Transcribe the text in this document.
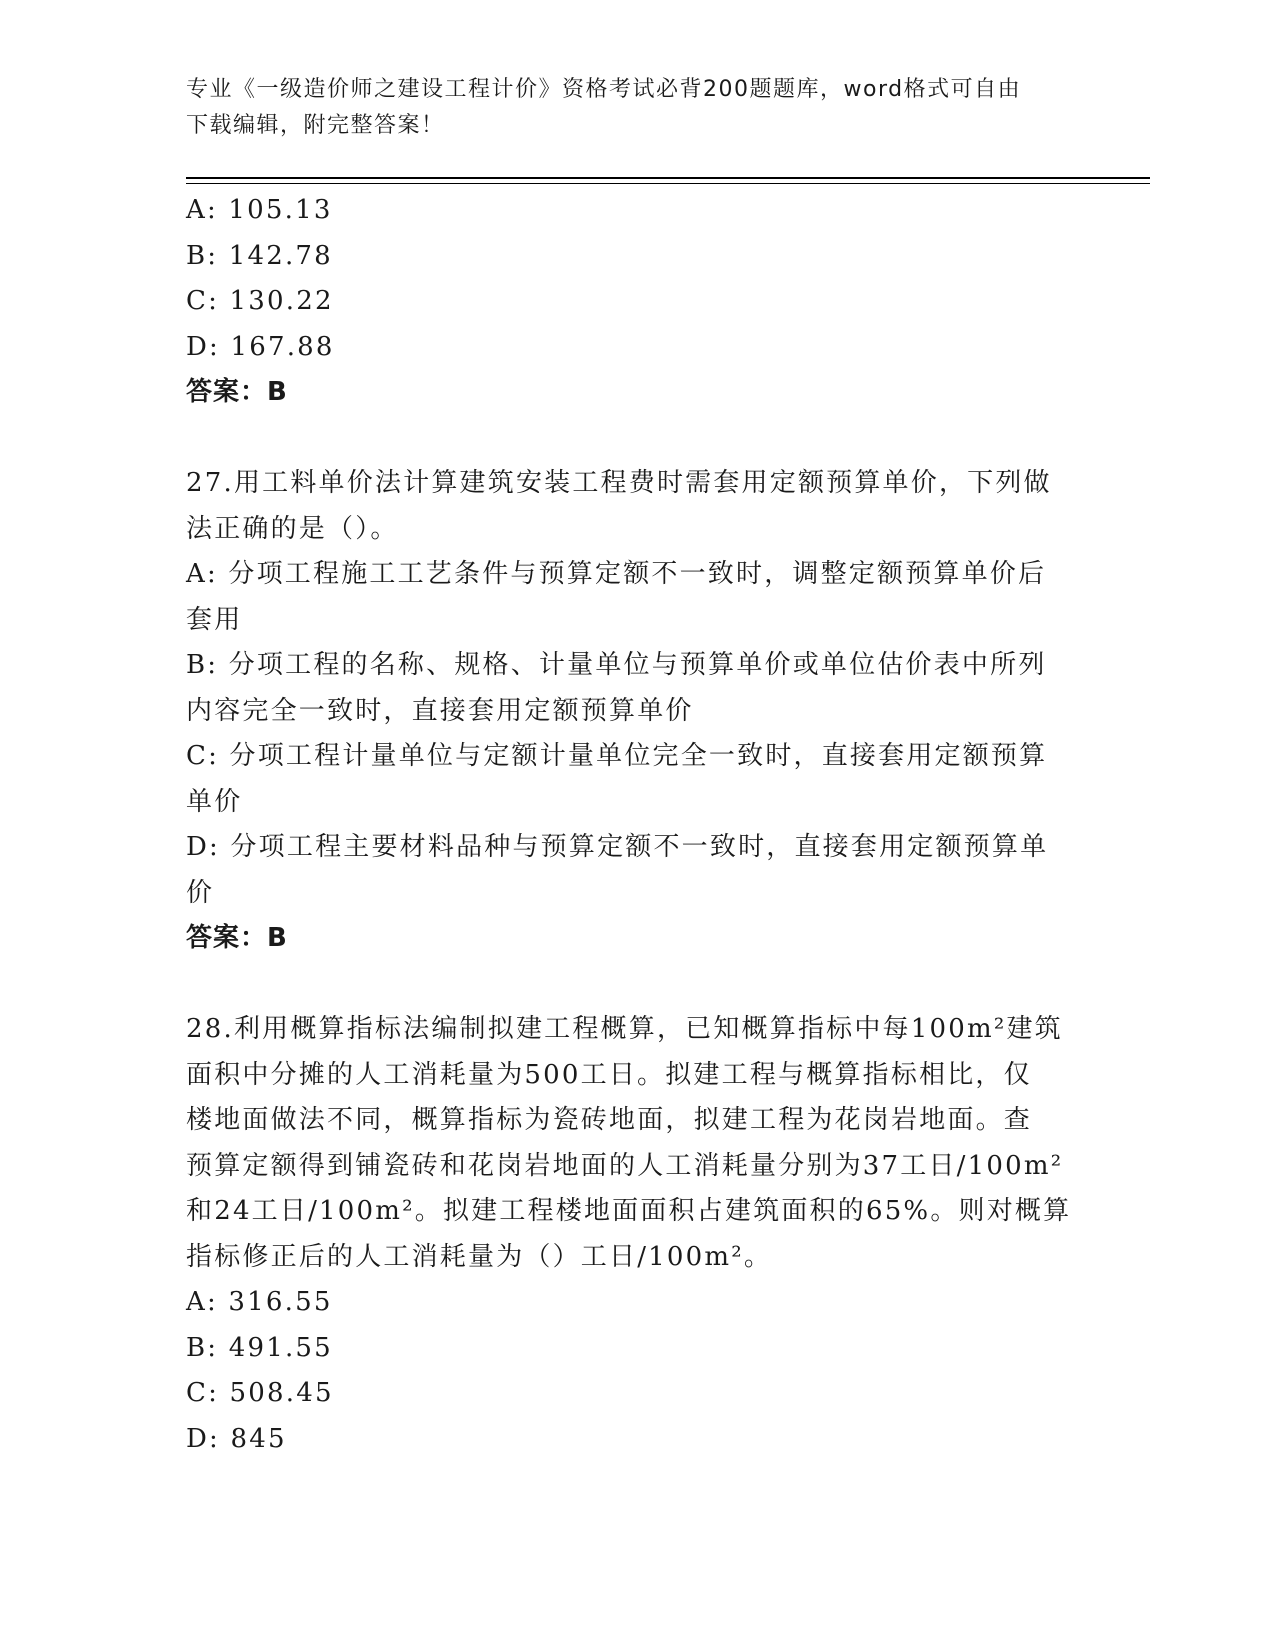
专业《一级造价师之建设工程计价》资格考试必背200题题库，word格式可自由
下载编辑，附完整答案！
A: 105.13
B: 142.78
C: 130.22
D: 167.88
答案：B
27.用工料单价法计算建筑安装工程费时需套用定额预算单价，下列做
法正确的是（）。
A: 分项工程施工工艺条件与预算定额不一致时，调整定额预算单价后
套用
B: 分项工程的名称、规格、计量单位与预算单价或单位估价表中所列
内容完全一致时，直接套用定额预算单价
C: 分项工程计量单位与定额计量单位完全一致时，直接套用定额预算
单价
D: 分项工程主要材料品种与预算定额不一致时，直接套用定额预算单
价
答案：B
28.利用概算指标法编制拟建工程概算，已知概算指标中每100m²建筑
面积中分摊的人工消耗量为500工日。拟建工程与概算指标相比，仅
楼地面做法不同，概算指标为瓷砖地面，拟建工程为花岗岩地面。查
预算定额得到铺瓷砖和花岗岩地面的人工消耗量分别为37工日/100m²
和24工日/100m²。拟建工程楼地面面积占建筑面积的65%。则对概算
指标修正后的人工消耗量为（）工日/100m²。
A: 316.55
B: 491.55
C: 508.45
D: 845
